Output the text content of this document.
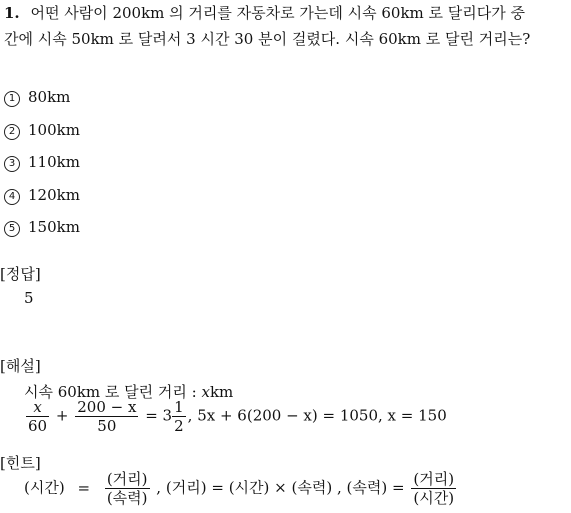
1. 어떤 사람이 200km 의 거리를 자동차로 가는데 시속 60km 로 달리다가 중
간에 시속 50km 로 달려서 3 시간 30 분이 걸렸다. 시속 60km 로 달린 거리는?
1 80km
2 100km
3 110km
4 120km
5 150km
[정답]
5
[해설]
시속 60km 로 달린 거리 : xkm
$\frac{x}{60} + \frac{200 - x}{50} = 3 \frac{1}{2}$ , 5x + 6(200 − x) = 1050, x = 150
[힌트]
(시간) = $\frac{\text{(거리)}}{\text{(속력)}}$ , (거리) = (시간) × (속력) , (속력) = $\frac{\text{(거리)}}{\text{(시간)}}$
